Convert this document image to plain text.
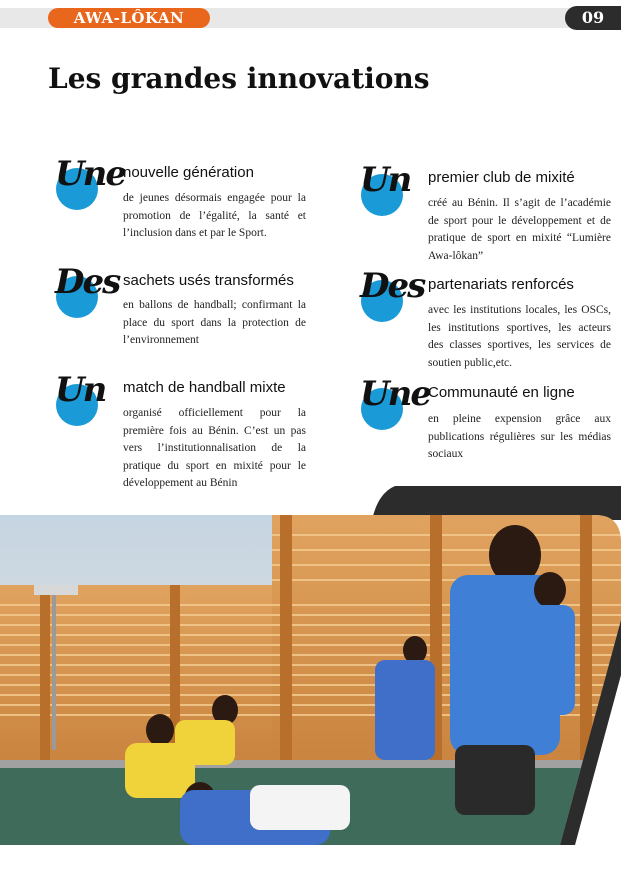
AWA-LÔKAN	09
Les grandes innovations
Une
nouvelle génération

de jeunes désormais engagée pour la promotion de l’égalité, la santé et l’inclusion dans et par le Sport.

Des sachets usés transformés

en ballons de handball; confirmant la place du sport dans la protection de l’environnement

Un match de handball mixte

organisé officiellement pour la première fois au Bénin. C’est un pas vers l’institutionnalisation de la pratique du sport en mixité pour le développement au Bénin

Un premier club de mixité

créé au Bénin. Il s’agit de l’académie de sport pour le développement et de pratique de sport en mixité “Lumière Awa-lôkan”

Des partenariats renforcés

avec les institutions locales, les OSCs, les institutions sportives, les acteurs des classes sportives, les services de soutien public,etc.

Une
Communauté en ligne

en pleine expension grâce aux publications régulières sur les médias sociaux
